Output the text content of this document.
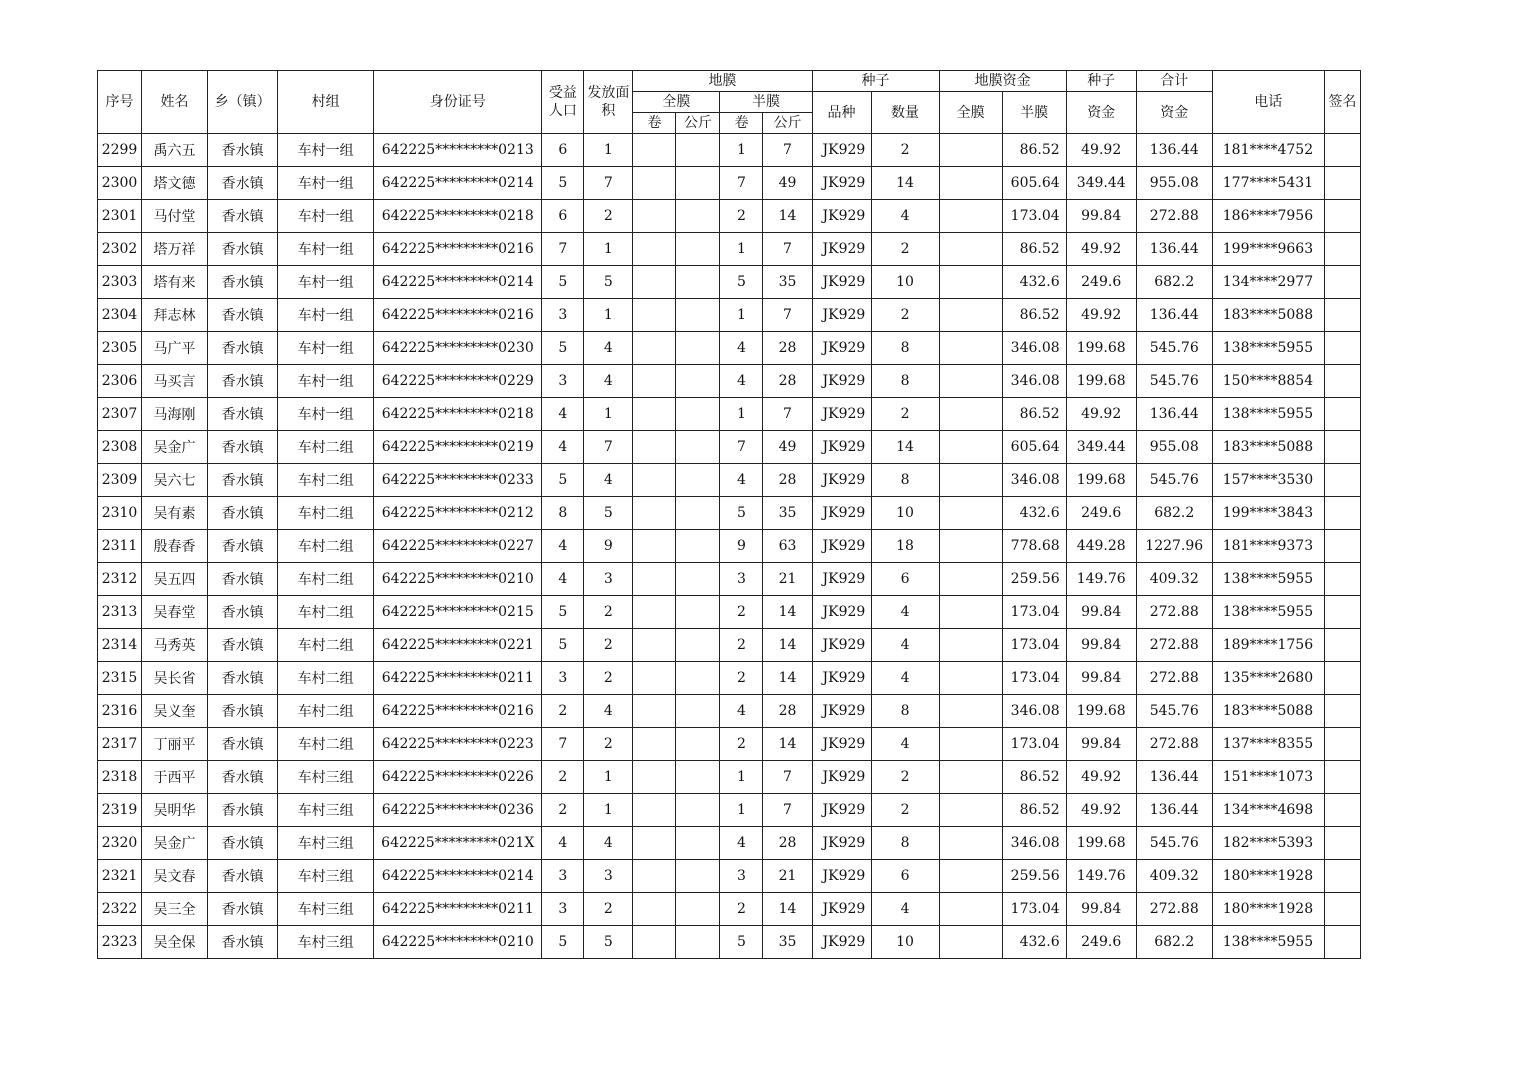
序号	姓名	乡（镇）	村组	身份证号	受益人口	发放面积	地膜				种子		地膜资金		种子	合计	电话	签名
							全膜		半膜		品种	数量	全膜	半膜	资金	资金		
							卷	公斤	卷	公斤								
2299	禹六五	香水镇	车村一组	642225*********0213	6	1			1	7	JK929	2		86.52	49.92	136.44	181****4752	
2300	塔文德	香水镇	车村一组	642225*********0214	5	7			7	49	JK929	14		605.64	349.44	955.08	177****5431	
2301	马付堂	香水镇	车村一组	642225*********0218	6	2			2	14	JK929	4		173.04	99.84	272.88	186****7956	
2302	塔万祥	香水镇	车村一组	642225*********0216	7	1			1	7	JK929	2		86.52	49.92	136.44	199****9663	
2303	塔有来	香水镇	车村一组	642225*********0214	5	5			5	35	JK929	10		432.6	249.6	682.2	134****2977	
2304	拜志林	香水镇	车村一组	642225*********0216	3	1			1	7	JK929	2		86.52	49.92	136.44	183****5088	
2305	马广平	香水镇	车村一组	642225*********0230	5	4			4	28	JK929	8		346.08	199.68	545.76	138****5955	
2306	马买言	香水镇	车村一组	642225*********0229	3	4			4	28	JK929	8		346.08	199.68	545.76	150****8854	
2307	马海刚	香水镇	车村一组	642225*********0218	4	1			1	7	JK929	2		86.52	49.92	136.44	138****5955	
2308	吴金广	香水镇	车村二组	642225*********0219	4	7			7	49	JK929	14		605.64	349.44	955.08	183****5088	
2309	吴六七	香水镇	车村二组	642225*********0233	5	4			4	28	JK929	8		346.08	199.68	545.76	157****3530	
2310	吴有素	香水镇	车村二组	642225*********0212	8	5			5	35	JK929	10		432.6	249.6	682.2	199****3843	
2311	殷春香	香水镇	车村二组	642225*********0227	4	9			9	63	JK929	18		778.68	449.28	1227.96	181****9373	
2312	吴五四	香水镇	车村二组	642225*********0210	4	3			3	21	JK929	6		259.56	149.76	409.32	138****5955	
2313	吴春堂	香水镇	车村二组	642225*********0215	5	2			2	14	JK929	4		173.04	99.84	272.88	138****5955	
2314	马秀英	香水镇	车村二组	642225*********0221	5	2			2	14	JK929	4		173.04	99.84	272.88	189****1756	
2315	吴长省	香水镇	车村二组	642225*********0211	3	2			2	14	JK929	4		173.04	99.84	272.88	135****2680	
2316	吴义奎	香水镇	车村二组	642225*********0216	2	4			4	28	JK929	8		346.08	199.68	545.76	183****5088	
2317	丁丽平	香水镇	车村二组	642225*********0223	7	2			2	14	JK929	4		173.04	99.84	272.88	137****8355	
2318	于西平	香水镇	车村三组	642225*********0226	2	1			1	7	JK929	2		86.52	49.92	136.44	151****1073	
2319	吴明华	香水镇	车村三组	642225*********0236	2	1			1	7	JK929	2		86.52	49.92	136.44	134****4698	
2320	吴金广	香水镇	车村三组	642225*********021X	4	4			4	28	JK929	8		346.08	199.68	545.76	182****5393	
2321	吴文春	香水镇	车村三组	642225*********0214	3	3			3	21	JK929	6		259.56	149.76	409.32	180****1928	
2322	吴三全	香水镇	车村三组	642225*********0211	3	2			2	14	JK929	4		173.04	99.84	272.88	180****1928	
2323	吴全保	香水镇	车村三组	642225*********0210	5	5			5	35	JK929	10		432.6	249.6	682.2	138****5955	
